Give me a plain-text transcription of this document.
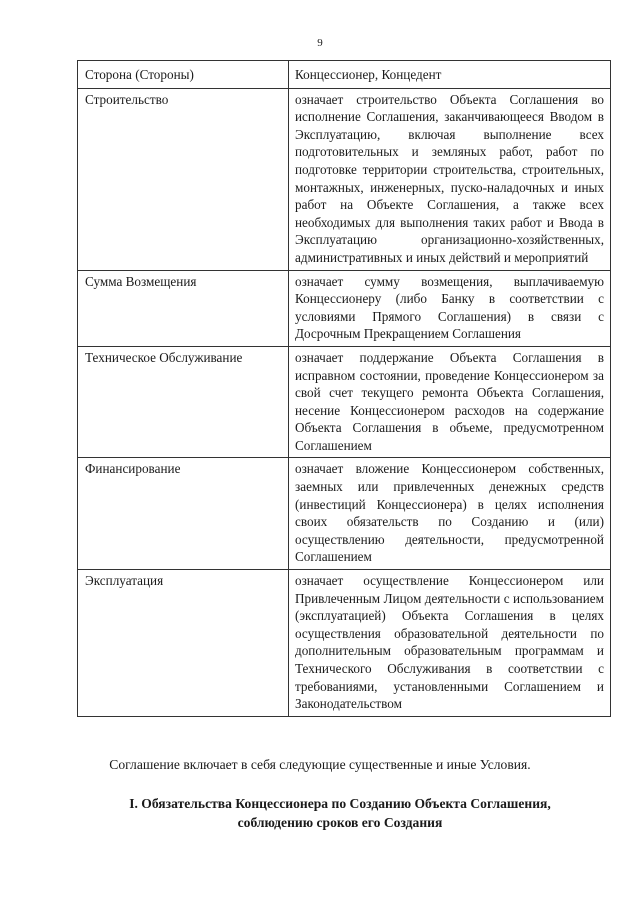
9
Сторона (Стороны)	Концессионер, Концедент
Строительство	означает строительство Объекта Соглашения во исполнение Соглашения, заканчивающееся Вводом в Эксплуатацию, включая выполнение всех подготовительных и земляных работ, работ по подготовке территории строительства, строительных, монтажных, инженерных, пуско-наладочных и иных работ на Объекте Соглашения, а также всех необходимых для выполнения таких работ и Ввода в Эксплуатацию организационно-хозяйственных, административных и иных действий и мероприятий
Сумма Возмещения	означает сумму возмещения, выплачиваемую Концессионеру (либо Банку в соответствии с условиями Прямого Соглашения) в связи с Досрочным Прекращением Соглашения
Техническое Обслуживание	означает поддержание Объекта Соглашения в исправном состоянии, проведение Концессионером за свой счет текущего ремонта Объекта Соглашения, несение Концессионером расходов на содержание Объекта Соглашения в объеме, предусмотренном Соглашением
Финансирование	означает вложение Концессионером собственных, заемных или привлеченных денежных средств (инвестиций Концессионера) в целях исполнения своих обязательств по Созданию и (или) осуществлению деятельности, предусмотренной Соглашением
Эксплуатация	означает осуществление Концессионером или Привлеченным Лицом деятельности с использованием (эксплуатацией) Объекта Соглашения в целях осуществления образовательной деятельности по дополнительным образовательным программам и Технического Обслуживания в соответствии с требованиями, установленными Соглашением и Законодательством
Соглашение включает в себя следующие существенные и иные Условия.
I. Обязательства Концессионера по Созданию Объекта Соглашения,
соблюдению сроков его Создания
